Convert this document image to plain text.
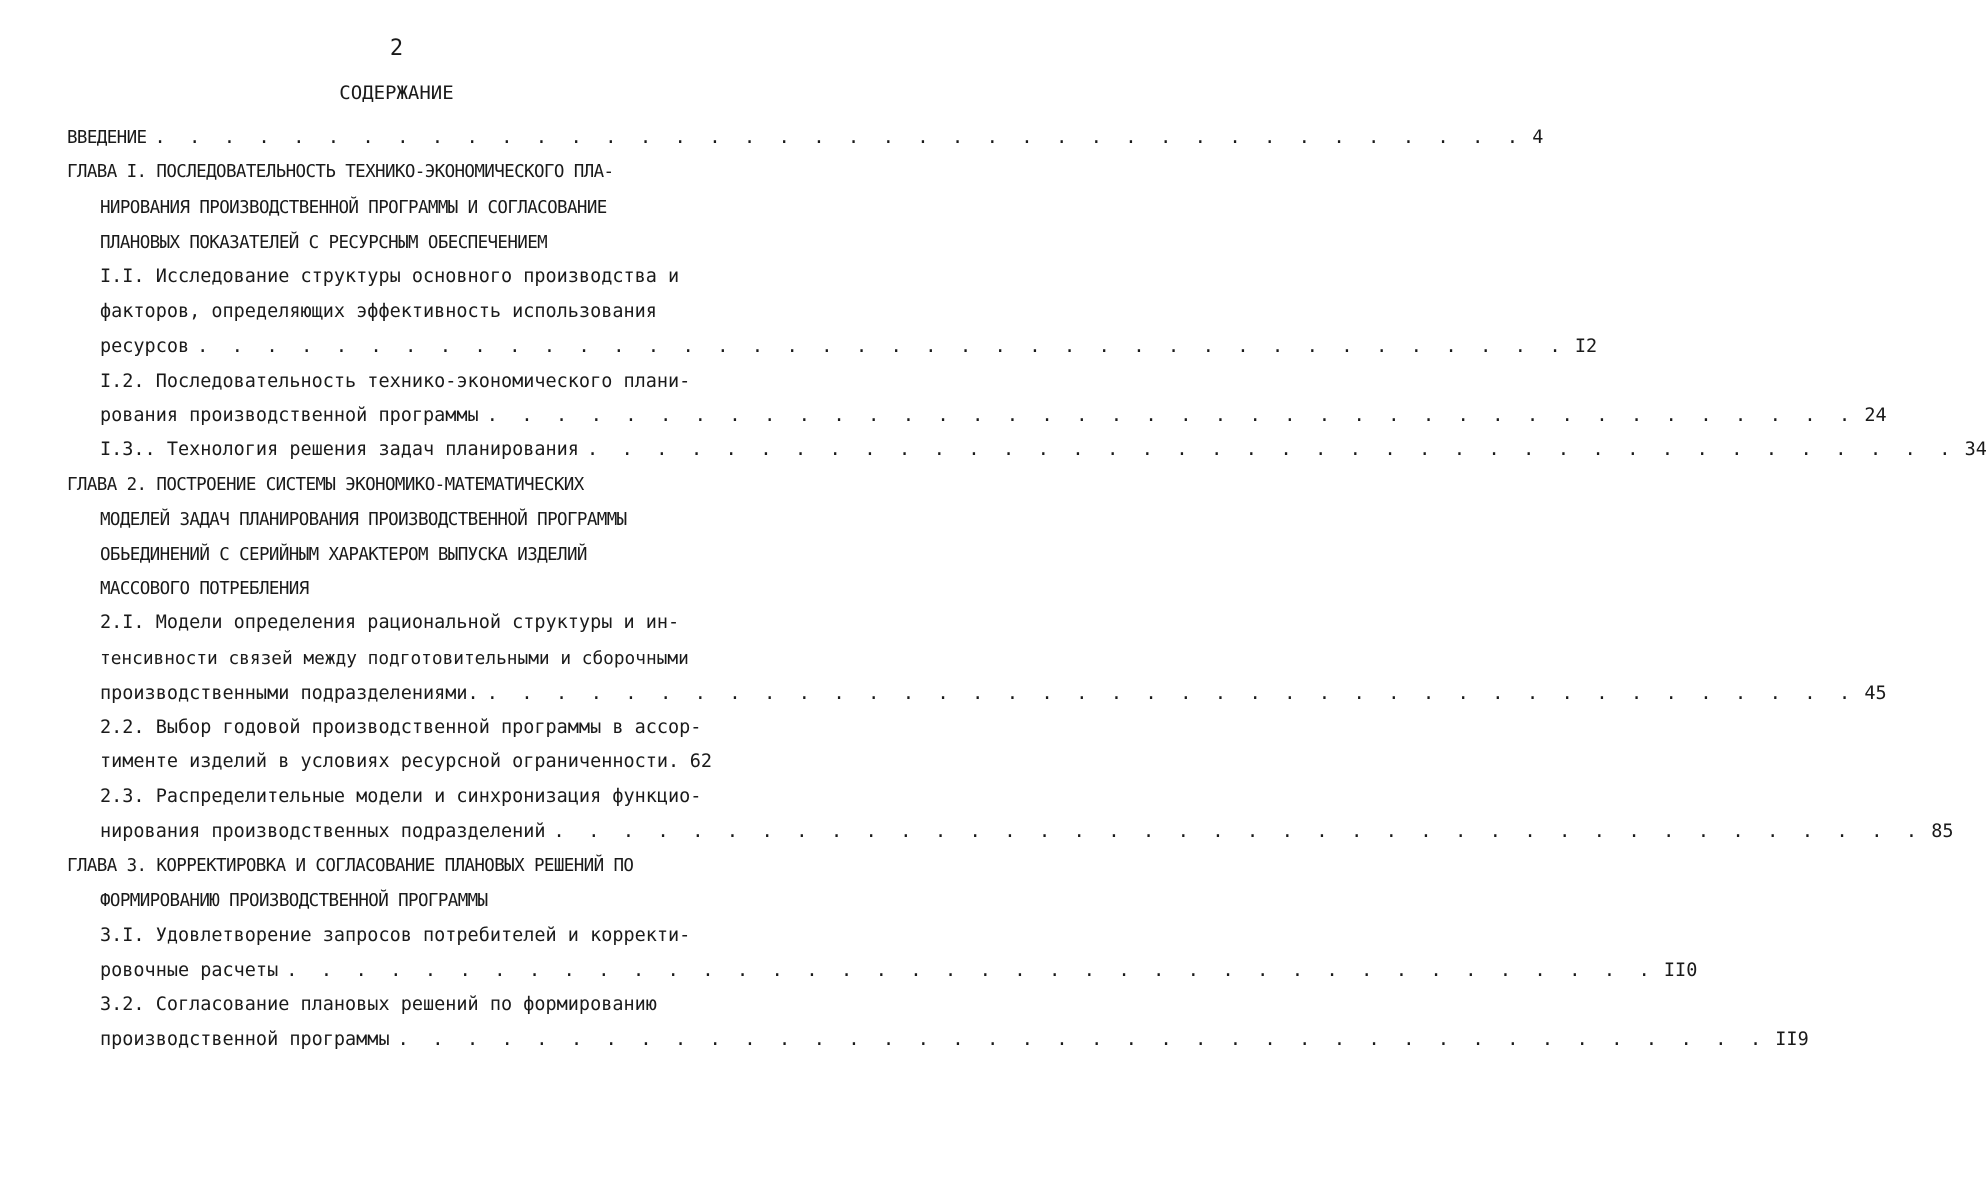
2
СОДЕРЖАНИЕ
ВВЕДЕНИЕ . . . . . . . . . . . . . . . . . . . . . . . . . . . . . . . . . . . . . . . . 4
ГЛАВА I. ПОСЛЕДОВАТЕЛЬНОСТЬ ТЕХНИКО-ЭКОНОМИЧЕСКОГО ПЛА-
НИРОВАНИЯ ПРОИЗВОДСТВЕННОЙ ПРОГРАММЫ И СОГЛАСОВАНИЕ
ПЛАНОВЫХ ПОКАЗАТЕЛЕЙ С РЕСУРСНЫМ ОБЕСПЕЧЕНИЕМ
I.I. Исследование структуры основного производства и
факторов, определяющих эффективность использования
ресурсов . . . . . . . . . . . . . . . . . . . . . . . . . . . . . . . . . . . . . . . . I2
I.2. Последовательность технико-экономического плани-
рования производственной программы . . . . . . . . . . . . . . . . . . . . . . . . . . . . . . . . . . . . . . . . 24
I.3.. Технология решения задач планирования . . . . . . . . . . . . . . . . . . . . . . . . . . . . . . . . . . . . . . . . 34
ГЛАВА 2. ПОСТРОЕНИЕ СИСТЕМЫ ЭКОНОМИКО-МАТЕМАТИЧЕСКИХ
МОДЕЛЕЙ ЗАДАЧ ПЛАНИРОВАНИЯ ПРОИЗВОДСТВЕННОЙ ПРОГРАММЫ
ОБЬЕДИНЕНИЙ С СЕРИЙНЫМ ХАРАКТЕРОМ ВЫПУСКА ИЗДЕЛИЙ
МАССОВОГО ПОТРЕБЛЕНИЯ
2.I. Модели определения рациональной структуры и ин-
тенсивности связей между подготовительными и сборочными
производственными подразделениями. . . . . . . . . . . . . . . . . . . . . . . . . . . . . . . . . . . . . . . . . 45
2.2. Выбор годовой производственной программы в ассор-
тименте изделий в условиях ресурсной ограниченности. 62
2.3. Распределительные модели и синхронизация функцио-
нирования производственных подразделений . . . . . . . . . . . . . . . . . . . . . . . . . . . . . . . . . . . . . . . . 85
ГЛАВА 3. КОРРЕКТИРОВКА И СОГЛАСОВАНИЕ ПЛАНОВЫХ РЕШЕНИЙ ПО
ФОРМИРОВАНИЮ ПРОИЗВОДСТВЕННОЙ ПРОГРАММЫ
3.I. Удовлетворение запросов потребителей и корректи-
ровочные расчеты . . . . . . . . . . . . . . . . . . . . . . . . . . . . . . . . . . . . . . . . II0
3.2. Согласование плановых решений по формированию
производственной программы . . . . . . . . . . . . . . . . . . . . . . . . . . . . . . . . . . . . . . . . II9
